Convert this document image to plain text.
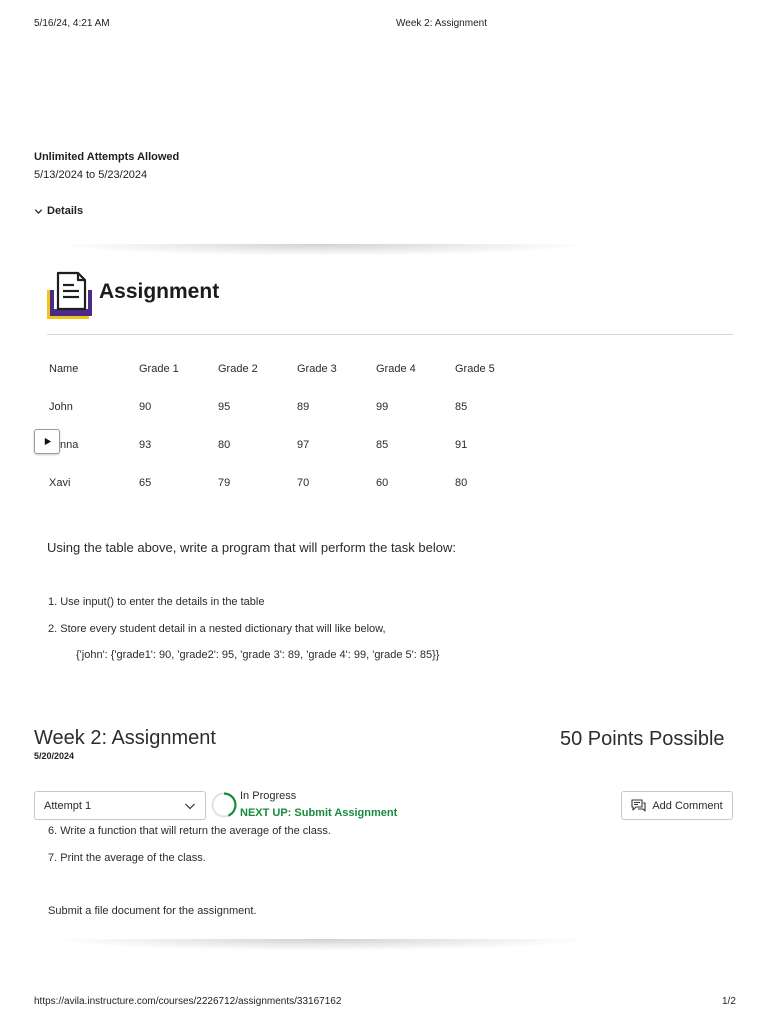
5/16/24, 4:21 AM	Week 2: Assignment
Unlimited Attempts Allowed
5/13/2024 to 5/23/2024
Details
Assignment
Name	Grade 1	Grade 2	Grade 3	Grade 4	Grade 5
John	90	95	89	99	85
nna	93	80	97	85	91
Xavi	65	79	70	60	80
Using the table above, write a program that will perform the task below:
1. Use input() to enter the details in the table
2. Store every student detail in a nested dictionary that will like below,
{'john': {'grade1': 90, 'grade2': 95, 'grade 3': 89, 'grade 4': 99, 'grade 5': 85}}
Week 2: Assignment
5/20/2024
50 Points Possible
Attempt 1
In Progress
NEXT UP: Submit Assignment
Add Comment
6. Write a function that will return the average of the class.
7. Print the average of the class.
Submit a file document for the assignment.
https://avila.instructure.com/courses/2226712/assignments/33167162	1/2
